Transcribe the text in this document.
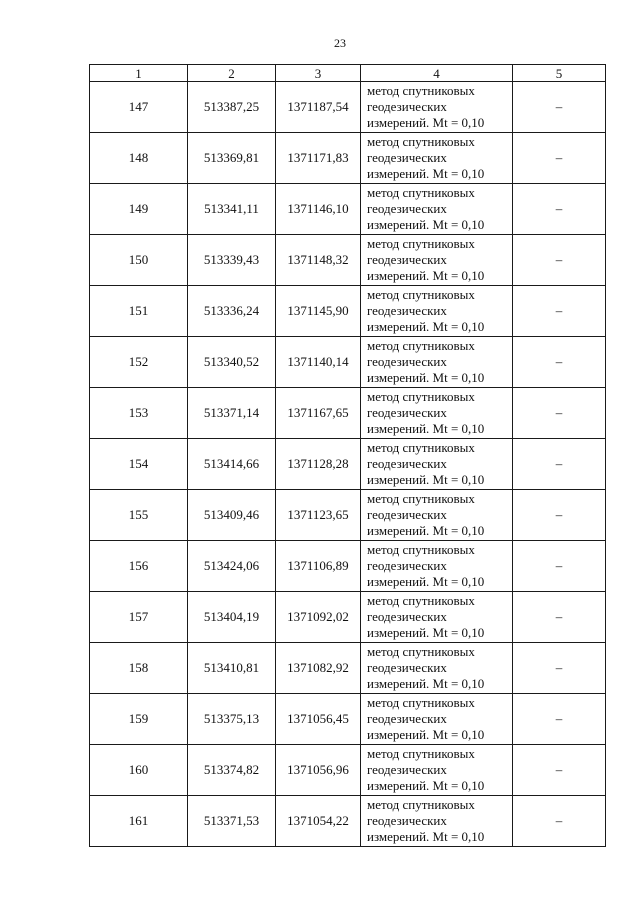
23
1	2	3	4	5
147	513387,25	1371187,54	метод спутниковых
геодезических
измерений. Mt = 0,10	–
148	513369,81	1371171,83	метод спутниковых
геодезических
измерений. Mt = 0,10	–
149	513341,11	1371146,10	метод спутниковых
геодезических
измерений. Mt = 0,10	–
150	513339,43	1371148,32	метод спутниковых
геодезических
измерений. Mt = 0,10	–
151	513336,24	1371145,90	метод спутниковых
геодезических
измерений. Mt = 0,10	–
152	513340,52	1371140,14	метод спутниковых
геодезических
измерений. Mt = 0,10	–
153	513371,14	1371167,65	метод спутниковых
геодезических
измерений. Mt = 0,10	–
154	513414,66	1371128,28	метод спутниковых
геодезических
измерений. Mt = 0,10	–
155	513409,46	1371123,65	метод спутниковых
геодезических
измерений. Mt = 0,10	–
156	513424,06	1371106,89	метод спутниковых
геодезических
измерений. Mt = 0,10	–
157	513404,19	1371092,02	метод спутниковых
геодезических
измерений. Mt = 0,10	–
158	513410,81	1371082,92	метод спутниковых
геодезических
измерений. Mt = 0,10	–
159	513375,13	1371056,45	метод спутниковых
геодезических
измерений. Mt = 0,10	–
160	513374,82	1371056,96	метод спутниковых
геодезических
измерений. Mt = 0,10	–
161	513371,53	1371054,22	метод спутниковых
геодезических
измерений. Mt = 0,10	–
